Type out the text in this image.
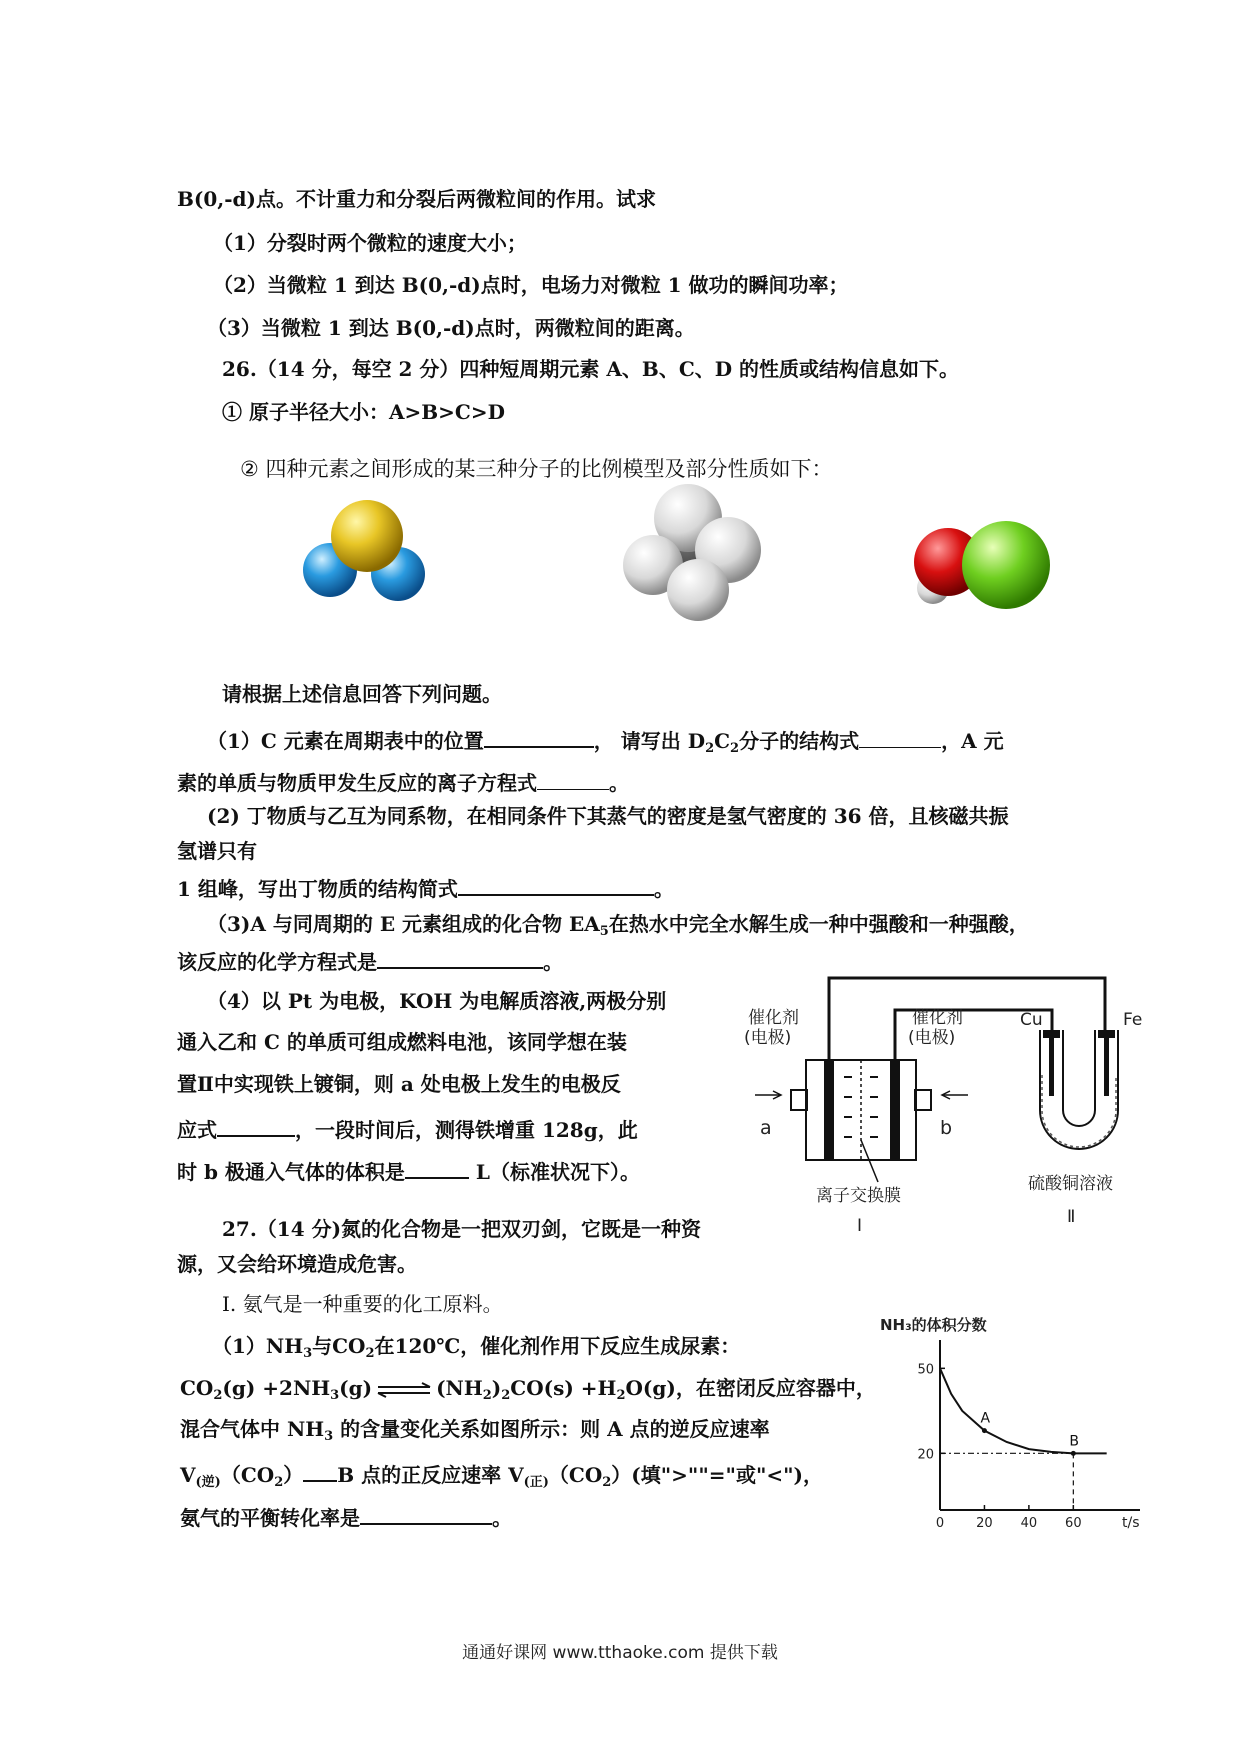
B(0,-d)点。不计重力和分裂后两微粒间的作用。试求
（1）分裂时两个微粒的速度大小；
（2）当微粒 1 到达 B(0,-d)点时，电场力对微粒 1 做功的瞬间功率；
（3）当微粒 1 到达 B(0,-d)点时，两微粒间的距离。
26.（14 分，每空 2 分）四种短周期元素 A、B、C、D 的性质或结构信息如下。
① 原子半径大小：A>B>C>D
② 四种元素之间形成的某三种分子的比例模型及部分性质如下：
请根据上述信息回答下列问题。
（1）C 元素在周期表中的位置	， 请写出 $D_2C_2$分子的结构式	，A 元
素的单质与物质甲发生反应的离子方程式	。
(2) 丁物质与乙互为同系物，在相同条件下其蒸气的密度是氢气密度的 36 倍，且核磁共振
氢谱只有
1 组峰，写出丁物质的结构简式	。
（3)A 与同周期的 E 元素组成的化合物 $EA_5$在热水中完全水解生成一种中强酸和一种强酸，
该反应的化学方程式是	。
（4）以 Pt 为电极，KOH 为电解质溶液,两极分别
通入乙和 C 的单质可组成燃料电池，该同学想在装
置Ⅱ中实现铁上镀铜，则 a 处电极上发生的电极反
应式	，一段时间后，测得铁增重 128g，此
时 b 极通入气体的体积是	L（标准状况下）。
催化剂
(电极)
催化剂
(电极)
Cu	Fe
a	b
离子交换膜
硫酸铜溶液
Ⅰ	Ⅱ
27.（14 分)氮的化合物是一把双刃剑，它既是一种资
源，又会给环境造成危害。
Ⅰ. 氨气是一种重要的化工原料。
$(1)NH_3$与$CO_2$在120℃，催化剂作用下反应生成尿素：
$CO_2(g) +2NH_3(g)$ ⇌ $(NH_2)_2CO(s) +H_2O(g)$，在密闭反应容器中，
混合气体中 $NH_3$ 的含量变化关系如图所示：则 A 点的逆反应速率
$V_{(逆)}(CO_2)$ B 点的正反应速率 $V_{(正)}(CO_2)$(填">""="或"<")，
氨气的平衡转化率是	。
NH₃的体积分数
t/s
0 20 40 60
50
20
A
B
通通好课网 www.tthaoke.com 提供下载
